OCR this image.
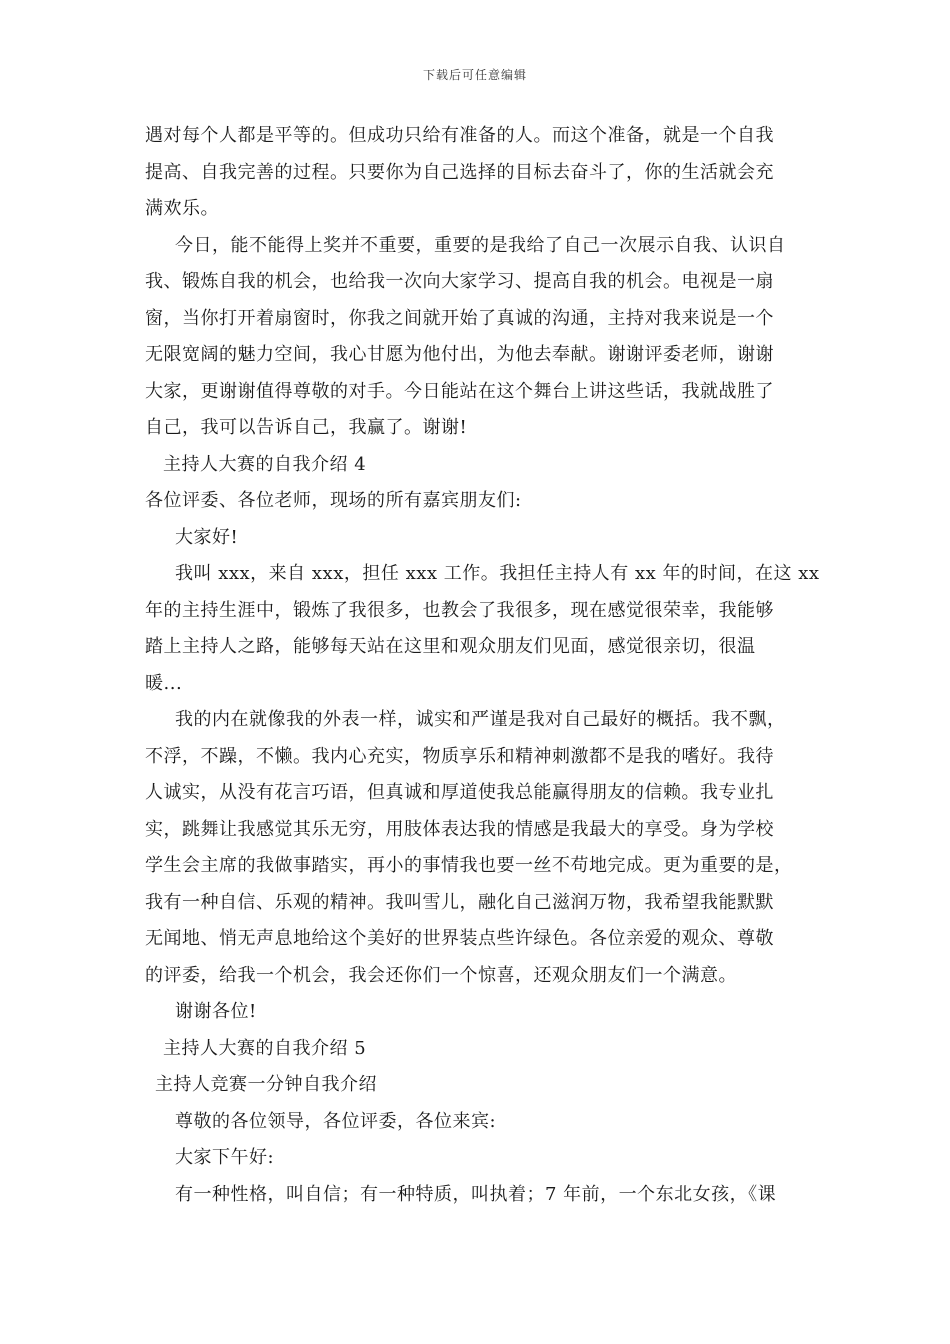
下载后可任意编辑
遇对每个人都是平等的。但成功只给有准备的人。而这个准备，就是一个自我
提高、自我完善的过程。只要你为自己选择的目标去奋斗了，你的生活就会充
满欢乐。
今日，能不能得上奖并不重要，重要的是我给了自己一次展示自我、认识自
我、锻炼自我的机会，也给我一次向大家学习、提高自我的机会。电视是一扇
窗，当你打开着扇窗时，你我之间就开始了真诚的沟通，主持对我来说是一个
无限宽阔的魅力空间，我心甘愿为他付出，为他去奉献。谢谢评委老师，谢谢
大家，更谢谢值得尊敬的对手。今日能站在这个舞台上讲这些话，我就战胜了
自己，我可以告诉自己，我赢了。谢谢!
主持人大赛的自我介绍 4
各位评委、各位老师，现场的所有嘉宾朋友们:
大家好!
我叫 xxx，来自 xxx，担任 xxx 工作。我担任主持人有 xx 年的时间，在这 xx
年的主持生涯中，锻炼了我很多，也教会了我很多，现在感觉很荣幸，我能够
踏上主持人之路，能够每天站在这里和观众朋友们见面，感觉很亲切，很温
暖...
我的内在就像我的外表一样，诚实和严谨是我对自己最好的概括。我不飘，
不浮，不躁，不懒。我内心充实，物质享乐和精神刺激都不是我的嗜好。我待
人诚实，从没有花言巧语，但真诚和厚道使我总能赢得朋友的信赖。我专业扎
实，跳舞让我感觉其乐无穷，用肢体表达我的情感是我最大的享受。身为学校
学生会主席的我做事踏实，再小的事情我也要一丝不苟地完成。更为重要的是，
我有一种自信、乐观的精神。我叫雪儿，融化自己滋润万物，我希望我能默默
无闻地、悄无声息地给这个美好的世界装点些许绿色。各位亲爱的观众、尊敬
的评委，给我一个机会，我会还你们一个惊喜，还观众朋友们一个满意。
谢谢各位!
主持人大赛的自我介绍 5
主持人竞赛一分钟自我介绍
尊敬的各位领导，各位评委，各位来宾:
大家下午好:
有一种性格，叫自信；有一种特质，叫执着；7 年前，一个东北女孩，《课
